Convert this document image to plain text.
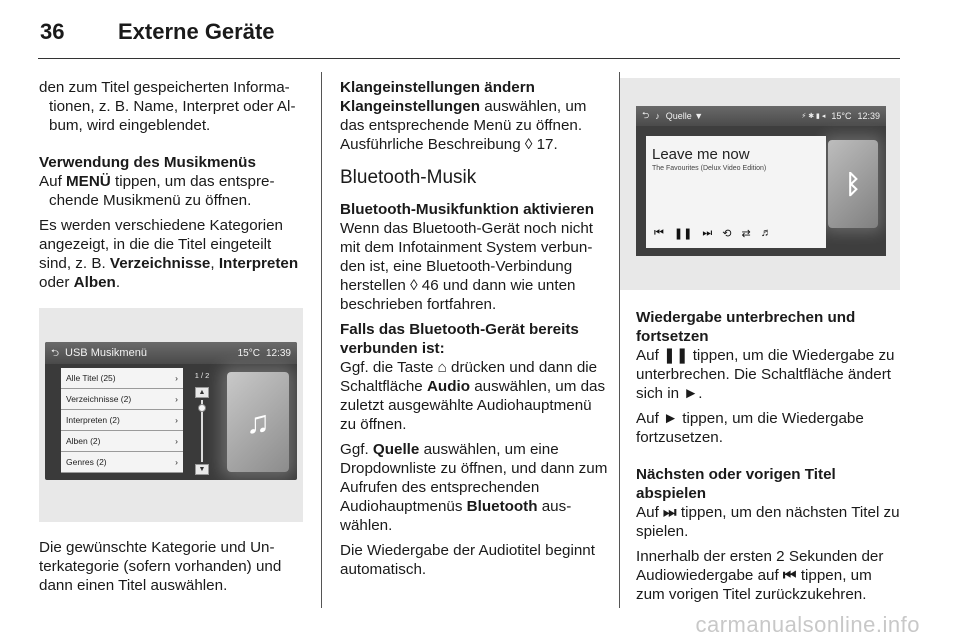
36 Externe Geräte

den zum Titel gespeicherten Informationen, z. B. Name, Interpret oder Album, wird eingeblendet.

Verwendung des Musikmenüs

Auf MENÜ tippen, um das entsprechende Musikmenü zu öffnen.

Es werden verschiedene Kategorien angezeigt, in die die Titel eingeteilt sind, z. B. Verzeichnisse, Interpreten oder Alben.

⮌ USB Musikmenü	15°C 12:39
Alle Titel (25)	›
Verzeichnisse (2)	›
Interpreten (2)	›
Alben (2)	›
Genres (2)	›
1 / 2
▲
▼
♫

Die gewünschte Kategorie und Unterkategorie (sofern vorhanden) und dann einen Titel auswählen.

Klangeinstellungen ändern

Klangeinstellungen auswählen, um das entsprechende Menü zu öffnen. Ausführliche Beschreibung ◊ 17.

Bluetooth-Musik

Bluetooth-Musikfunktion aktivieren

Wenn das Bluetooth-Gerät noch nicht mit dem Infotainment System verbunden ist, eine Bluetooth-Verbindung herstellen ◊ 46 und dann wie unten beschrieben fortfahren.

Falls das Bluetooth-Gerät bereits verbunden ist:

Ggf. die Taste ⌂ drücken und dann die Schaltfläche Audio auswählen, um das zuletzt ausgewählte Audiohauptmenü zu öffnen.

Ggf. Quelle auswählen, um eine Dropdownliste zu öffnen, und dann zum Aufrufen des entsprechenden Audiohauptmenüs Bluetooth auswählen.

Die Wiedergabe der Audiotitel beginnt automatisch.

⮌ ♪ Quelle ▼	⚡ ✱ ▮ ◂ 15°C 12:39
Leave me now
The Favourites (Delux Video Edition)
⏮ ❚❚ ⏭ ⟲ ⇄ ♬
ᛒ

Wiedergabe unterbrechen und fortsetzen

Auf ❚❚ tippen, um die Wiedergabe zu unterbrechen. Die Schaltfläche ändert sich in ►.

Auf ► tippen, um die Wiedergabe fortzusetzen.

Nächsten oder vorigen Titel abspielen

Auf ⏭ tippen, um den nächsten Titel zu spielen.

Innerhalb der ersten 2 Sekunden der Audiowiedergabe auf ⏮ tippen, um zum vorigen Titel zurückzukehren.

carmanualsonline.info
